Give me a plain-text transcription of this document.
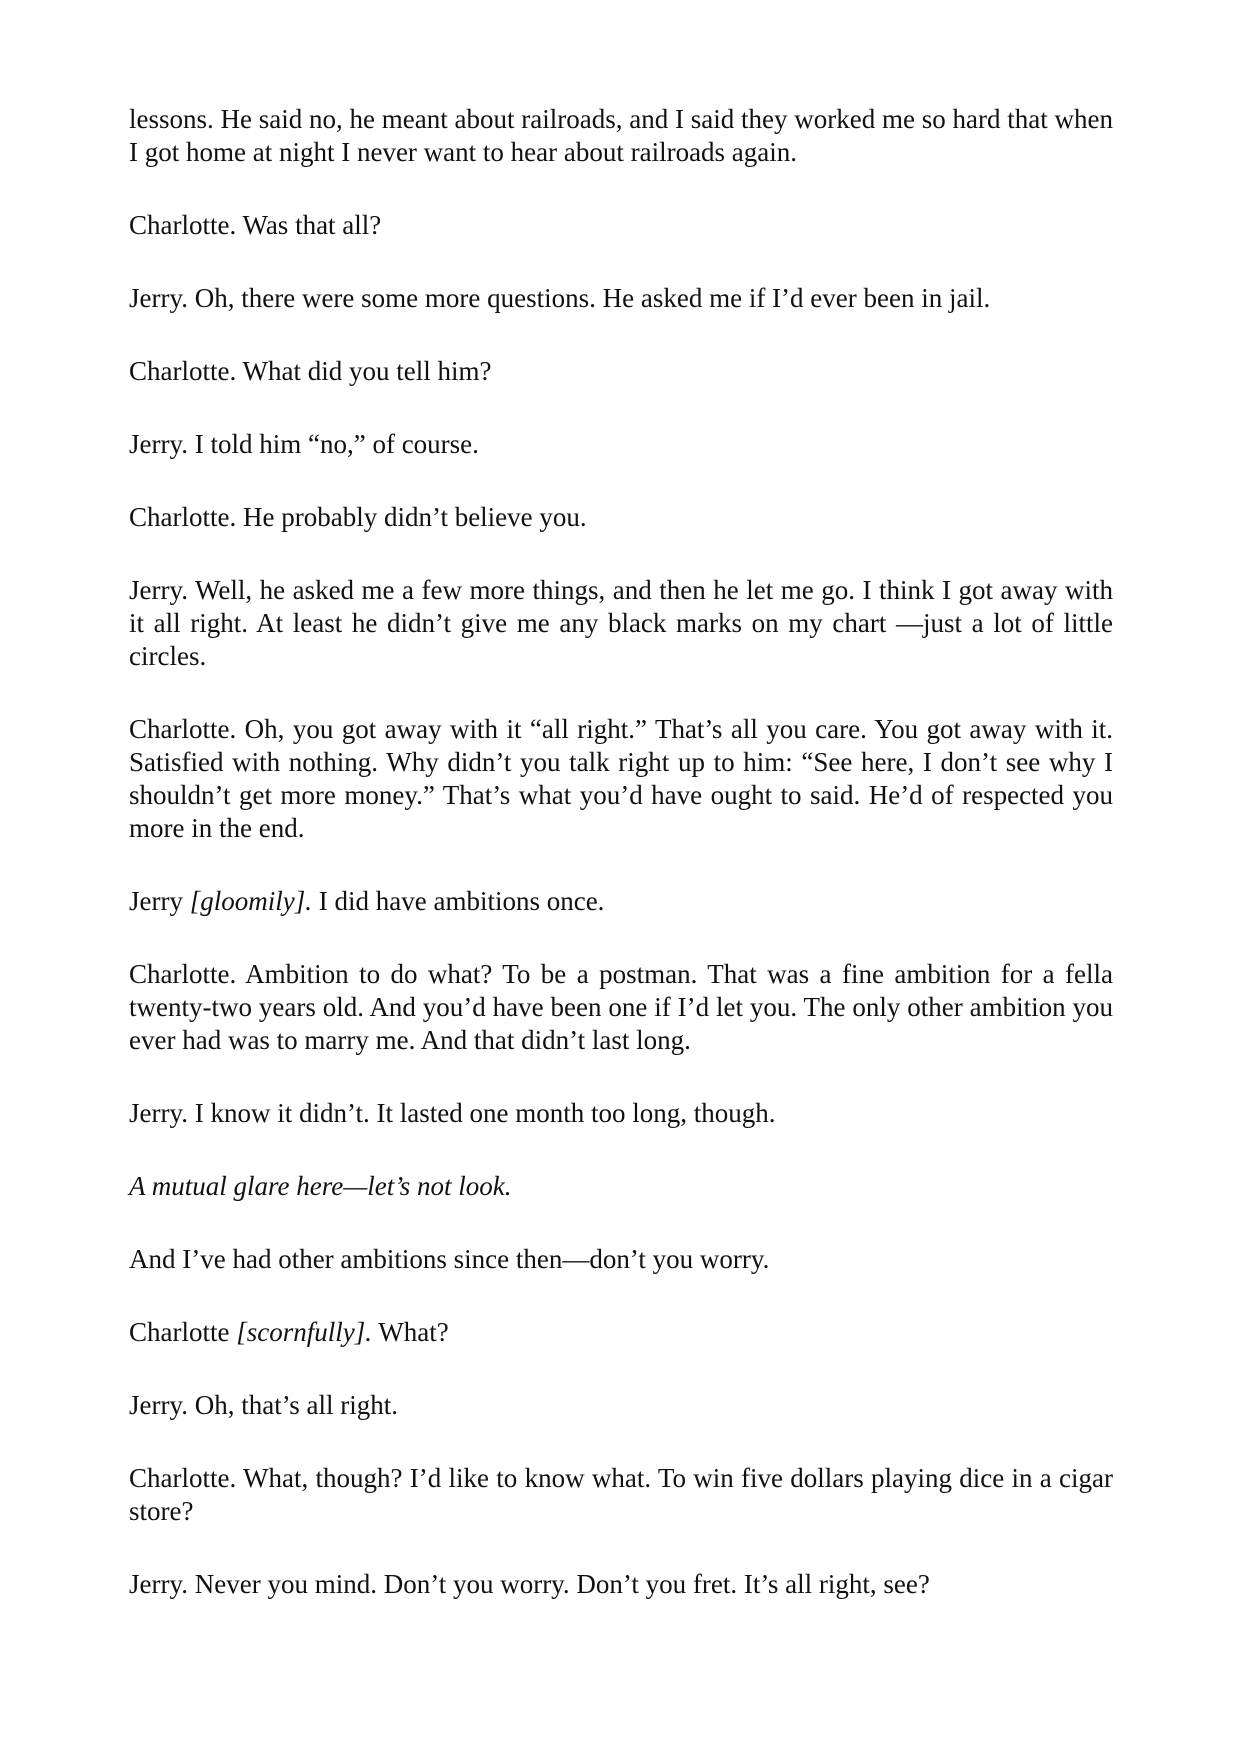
lessons. He said no, he meant about railroads, and I said they worked me so hard that when I got home at night I never want to hear about railroads again.

Charlotte. Was that all?

Jerry. Oh, there were some more questions. He asked me if I’d ever been in jail.

Charlotte. What did you tell him?

Jerry. I told him “no,” of course.

Charlotte. He probably didn’t believe you.

Jerry. Well, he asked me a few more things, and then he let me go. I think I got away with it all right. At least he didn’t give me any black marks on my chart —just a lot of little circles.

Charlotte. Oh, you got away with it “all right.” That’s all you care. You got away with it. Satisfied with nothing. Why didn’t you talk right up to him: “See here, I don’t see why I shouldn’t get more money.” That’s what you’d have ought to said. He’d of respected you more in the end.

Jerry [gloomily]. I did have ambitions once.

Charlotte. Ambition to do what? To be a postman. That was a fine ambition for a fella twenty-two years old. And you’d have been one if I’d let you. The only other ambition you ever had was to marry me. And that didn’t last long.

Jerry. I know it didn’t. It lasted one month too long, though.

A mutual glare here—let’s not look.

And I’ve had other ambitions since then—don’t you worry.

Charlotte [scornfully]. What?

Jerry. Oh, that’s all right.

Charlotte. What, though? I’d like to know what. To win five dollars playing dice in a cigar store?

Jerry. Never you mind. Don’t you worry. Don’t you fret. It’s all right, see?
